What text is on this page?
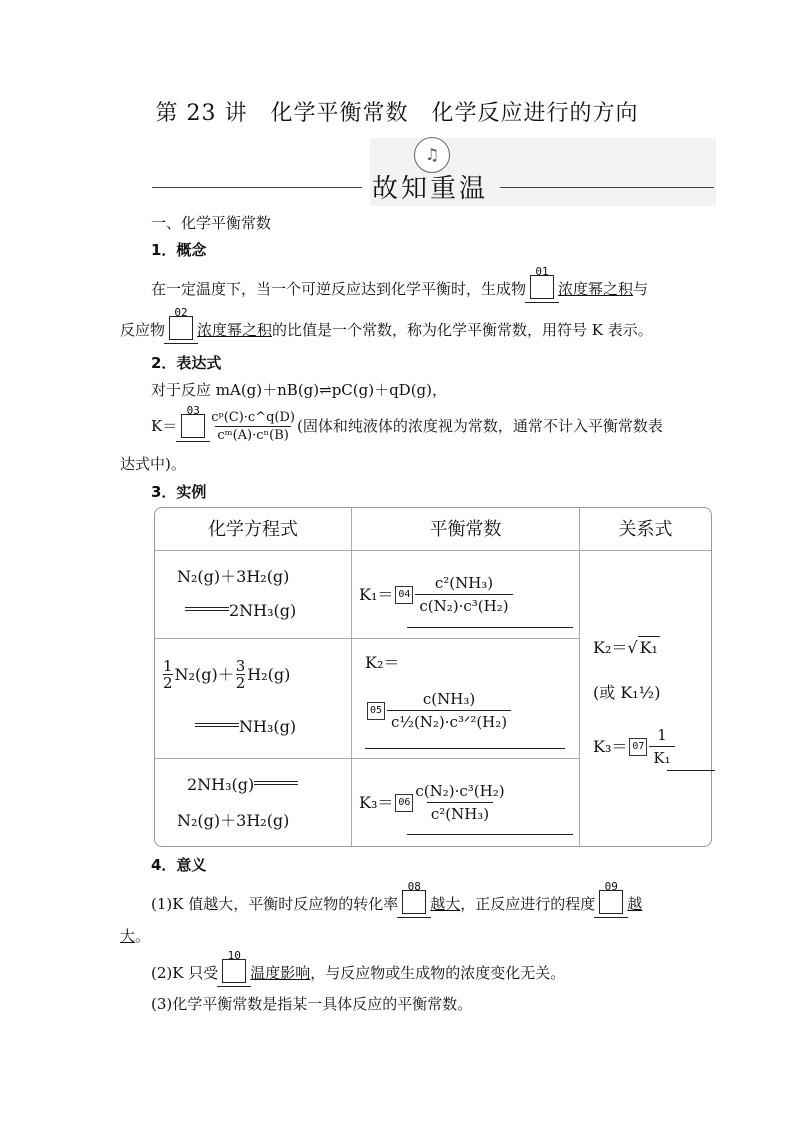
第 23 讲　化学平衡常数　化学反应进行的方向
♫
故知重温
一、化学平衡常数
1．概念
在一定温度下，当一个可逆反应达到化学平衡时，生成物
01
浓度幂之积与
反应物
02
浓度幂之积的比值是一个常数，称为化学平衡常数，用符号 K 表示。
2．表达式
对于反应 mA(g)＋nB(g)⇌pC(g)＋qD(g)，
K＝
$03 \frac{\text{cᵖ(C)·c\textasciicircum{}q(D)}}{\text{cᵐ(A)·cⁿ(B)}}$ (固体和纯液体的浓度视为常数，通常不计入平衡常数表
达式中)。
3．实例
化学方程式	平衡常数	关系式
N₂(g)＋3H₂(g)
2NH₃(g)
$K_1= 04 \frac{\text{c²(NH₃)}}{\text{c(N₂)·c³(H₂)}}$
$\frac{1}{2} N_2(g)+ \frac{3}{2} H_2(g)$
NH₃(g)
K₂＝
05
c(NH₃)
c½(N₂)·c³ᐟ²(H₂)
2NH₃(g)
N₂(g)＋3H₂(g)
$K_3= 06 \frac{\text{c(N₂)·c³(H₂)}}{\text{c²(NH₃)}}$
K₂＝√ K₁
(或 K₁½)
$K_3= 07 \frac{1}{\text{K₁}}$
4．意义
(1)K 值越大，平衡时反应物的转化率
08
越大，正反应进行的程度
09
越
大。
(2)K 只受
10
温度影响，与反应物或生成物的浓度变化无关。
(3)化学平衡常数是指某一具体反应的平衡常数。
